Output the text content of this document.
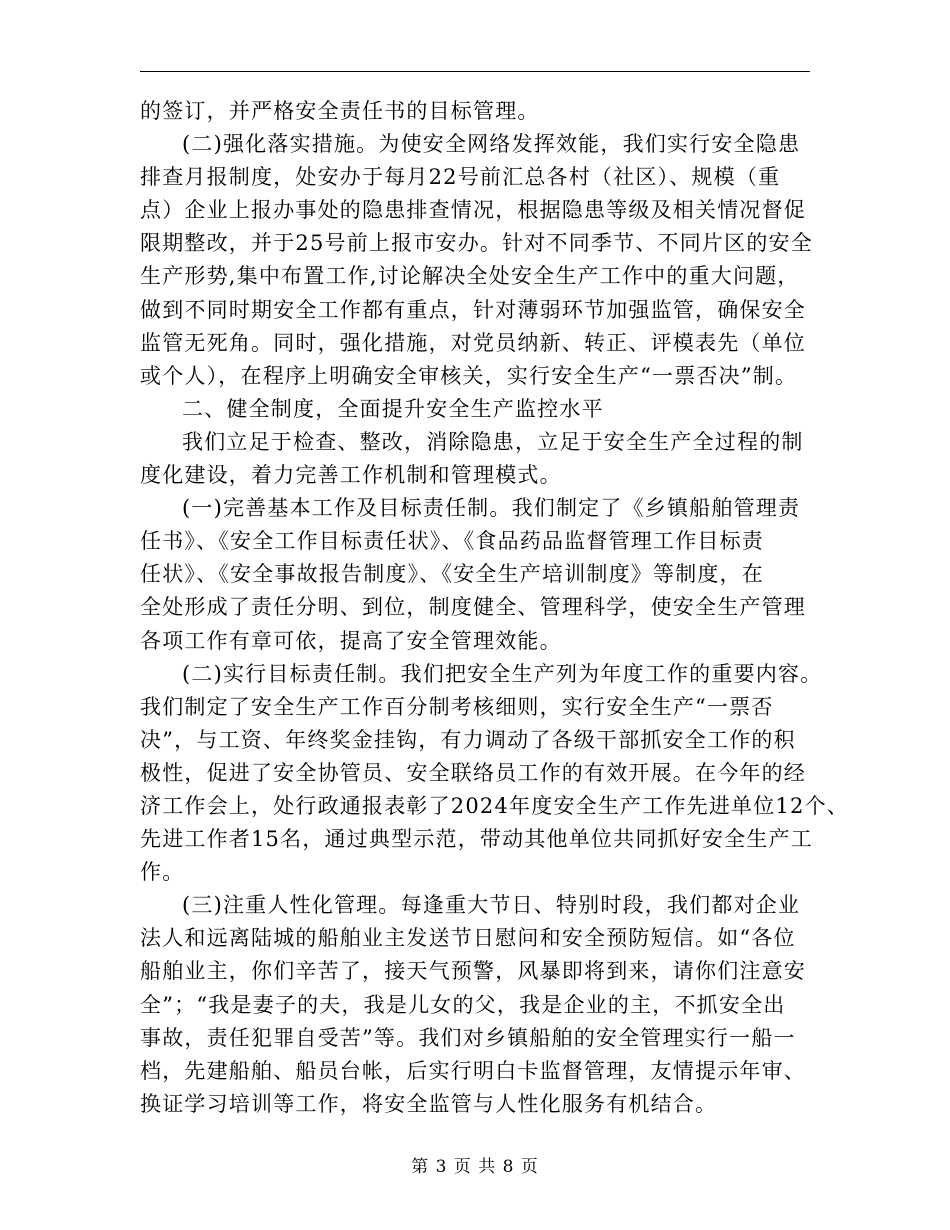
的签订，并严格安全责任书的目标管理。
(二)强化落实措施。为使安全网络发挥效能，我们实行安全隐患
排查月报制度，处安办于每月22号前汇总各村（社区）、规模（重
点）企业上报办事处的隐患排查情况，根据隐患等级及相关情况督促
限期整改，并于25号前上报市安办。针对不同季节、不同片区的安全
生产形势,集中布置工作,讨论解决全处安全生产工作中的重大问题，
做到不同时期安全工作都有重点，针对薄弱环节加强监管，确保安全
监管无死角。同时，强化措施，对党员纳新、转正、评模表先（单位
或个人），在程序上明确安全审核关，实行安全生产“一票否决”制。
二、健全制度，全面提升安全生产监控水平
我们立足于检查、整改，消除隐患，立足于安全生产全过程的制
度化建设，着力完善工作机制和管理模式。
(一)完善基本工作及目标责任制。我们制定了《乡镇船舶管理责
任书》、《安全工作目标责任状》、《食品药品监督管理工作目标责
任状》、《安全事故报告制度》、《安全生产培训制度》等制度，在
全处形成了责任分明、到位，制度健全、管理科学，使安全生产管理
各项工作有章可依，提高了安全管理效能。
(二)实行目标责任制。我们把安全生产列为年度工作的重要内容。
我们制定了安全生产工作百分制考核细则，实行安全生产“一票否
决”，与工资、年终奖金挂钩，有力调动了各级干部抓安全工作的积
极性，促进了安全协管员、安全联络员工作的有效开展。在今年的经
济工作会上，处行政通报表彰了2024年度安全生产工作先进单位12个、
先进工作者15名，通过典型示范，带动其他单位共同抓好安全生产工
作。
(三)注重人性化管理。每逢重大节日、特别时段，我们都对企业
法人和远离陆城的船舶业主发送节日慰问和安全预防短信。如“各位
船舶业主，你们辛苦了，接天气预警，风暴即将到来，请你们注意安
全”；“我是妻子的夫，我是儿女的父，我是企业的主，不抓安全出
事故，责任犯罪自受苦”等。我们对乡镇船舶的安全管理实行一船一
档，先建船舶、船员台帐，后实行明白卡监督管理，友情提示年审、
换证学习培训等工作，将安全监管与人性化服务有机结合。
第 3 页 共 8 页
